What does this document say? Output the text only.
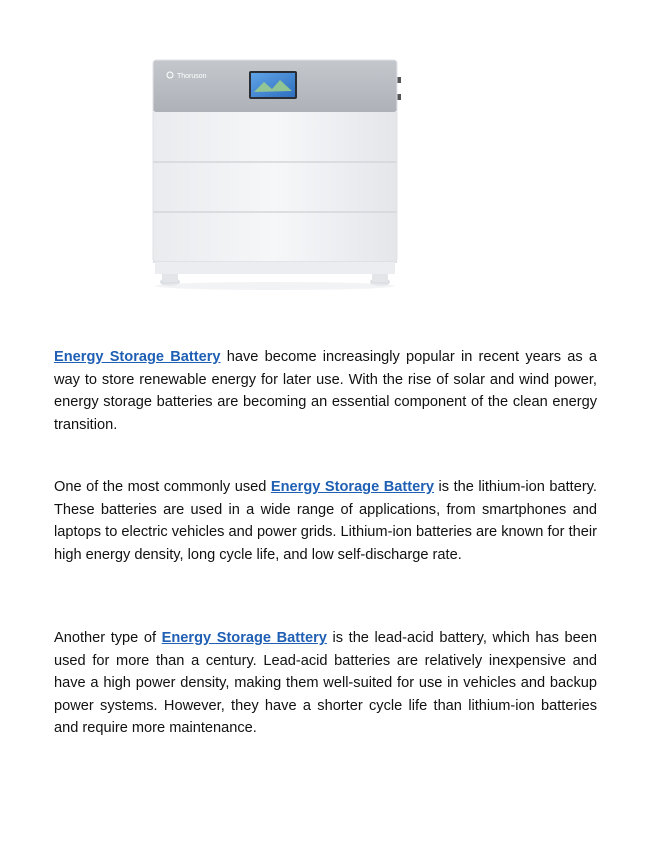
Thoruson

Energy Storage Battery have become increasingly popular in recent years as a way to store renewable energy for later use. With the rise of solar and wind power, energy storage batteries are becoming an essential component of the clean energy transition.

One of the most commonly used Energy Storage Battery is the lithium-ion battery. These batteries are used in a wide range of applications, from smartphones and laptops to electric vehicles and power grids. Lithium-ion batteries are known for their high energy density, long cycle life, and low self-discharge rate.

Another type of Energy Storage Battery is the lead-acid battery, which has been used for more than a century. Lead-acid batteries are relatively inexpensive and have a high power density, making them well-suited for use in vehicles and backup power systems. However, they have a shorter cycle life than lithium-ion batteries and require more maintenance.
